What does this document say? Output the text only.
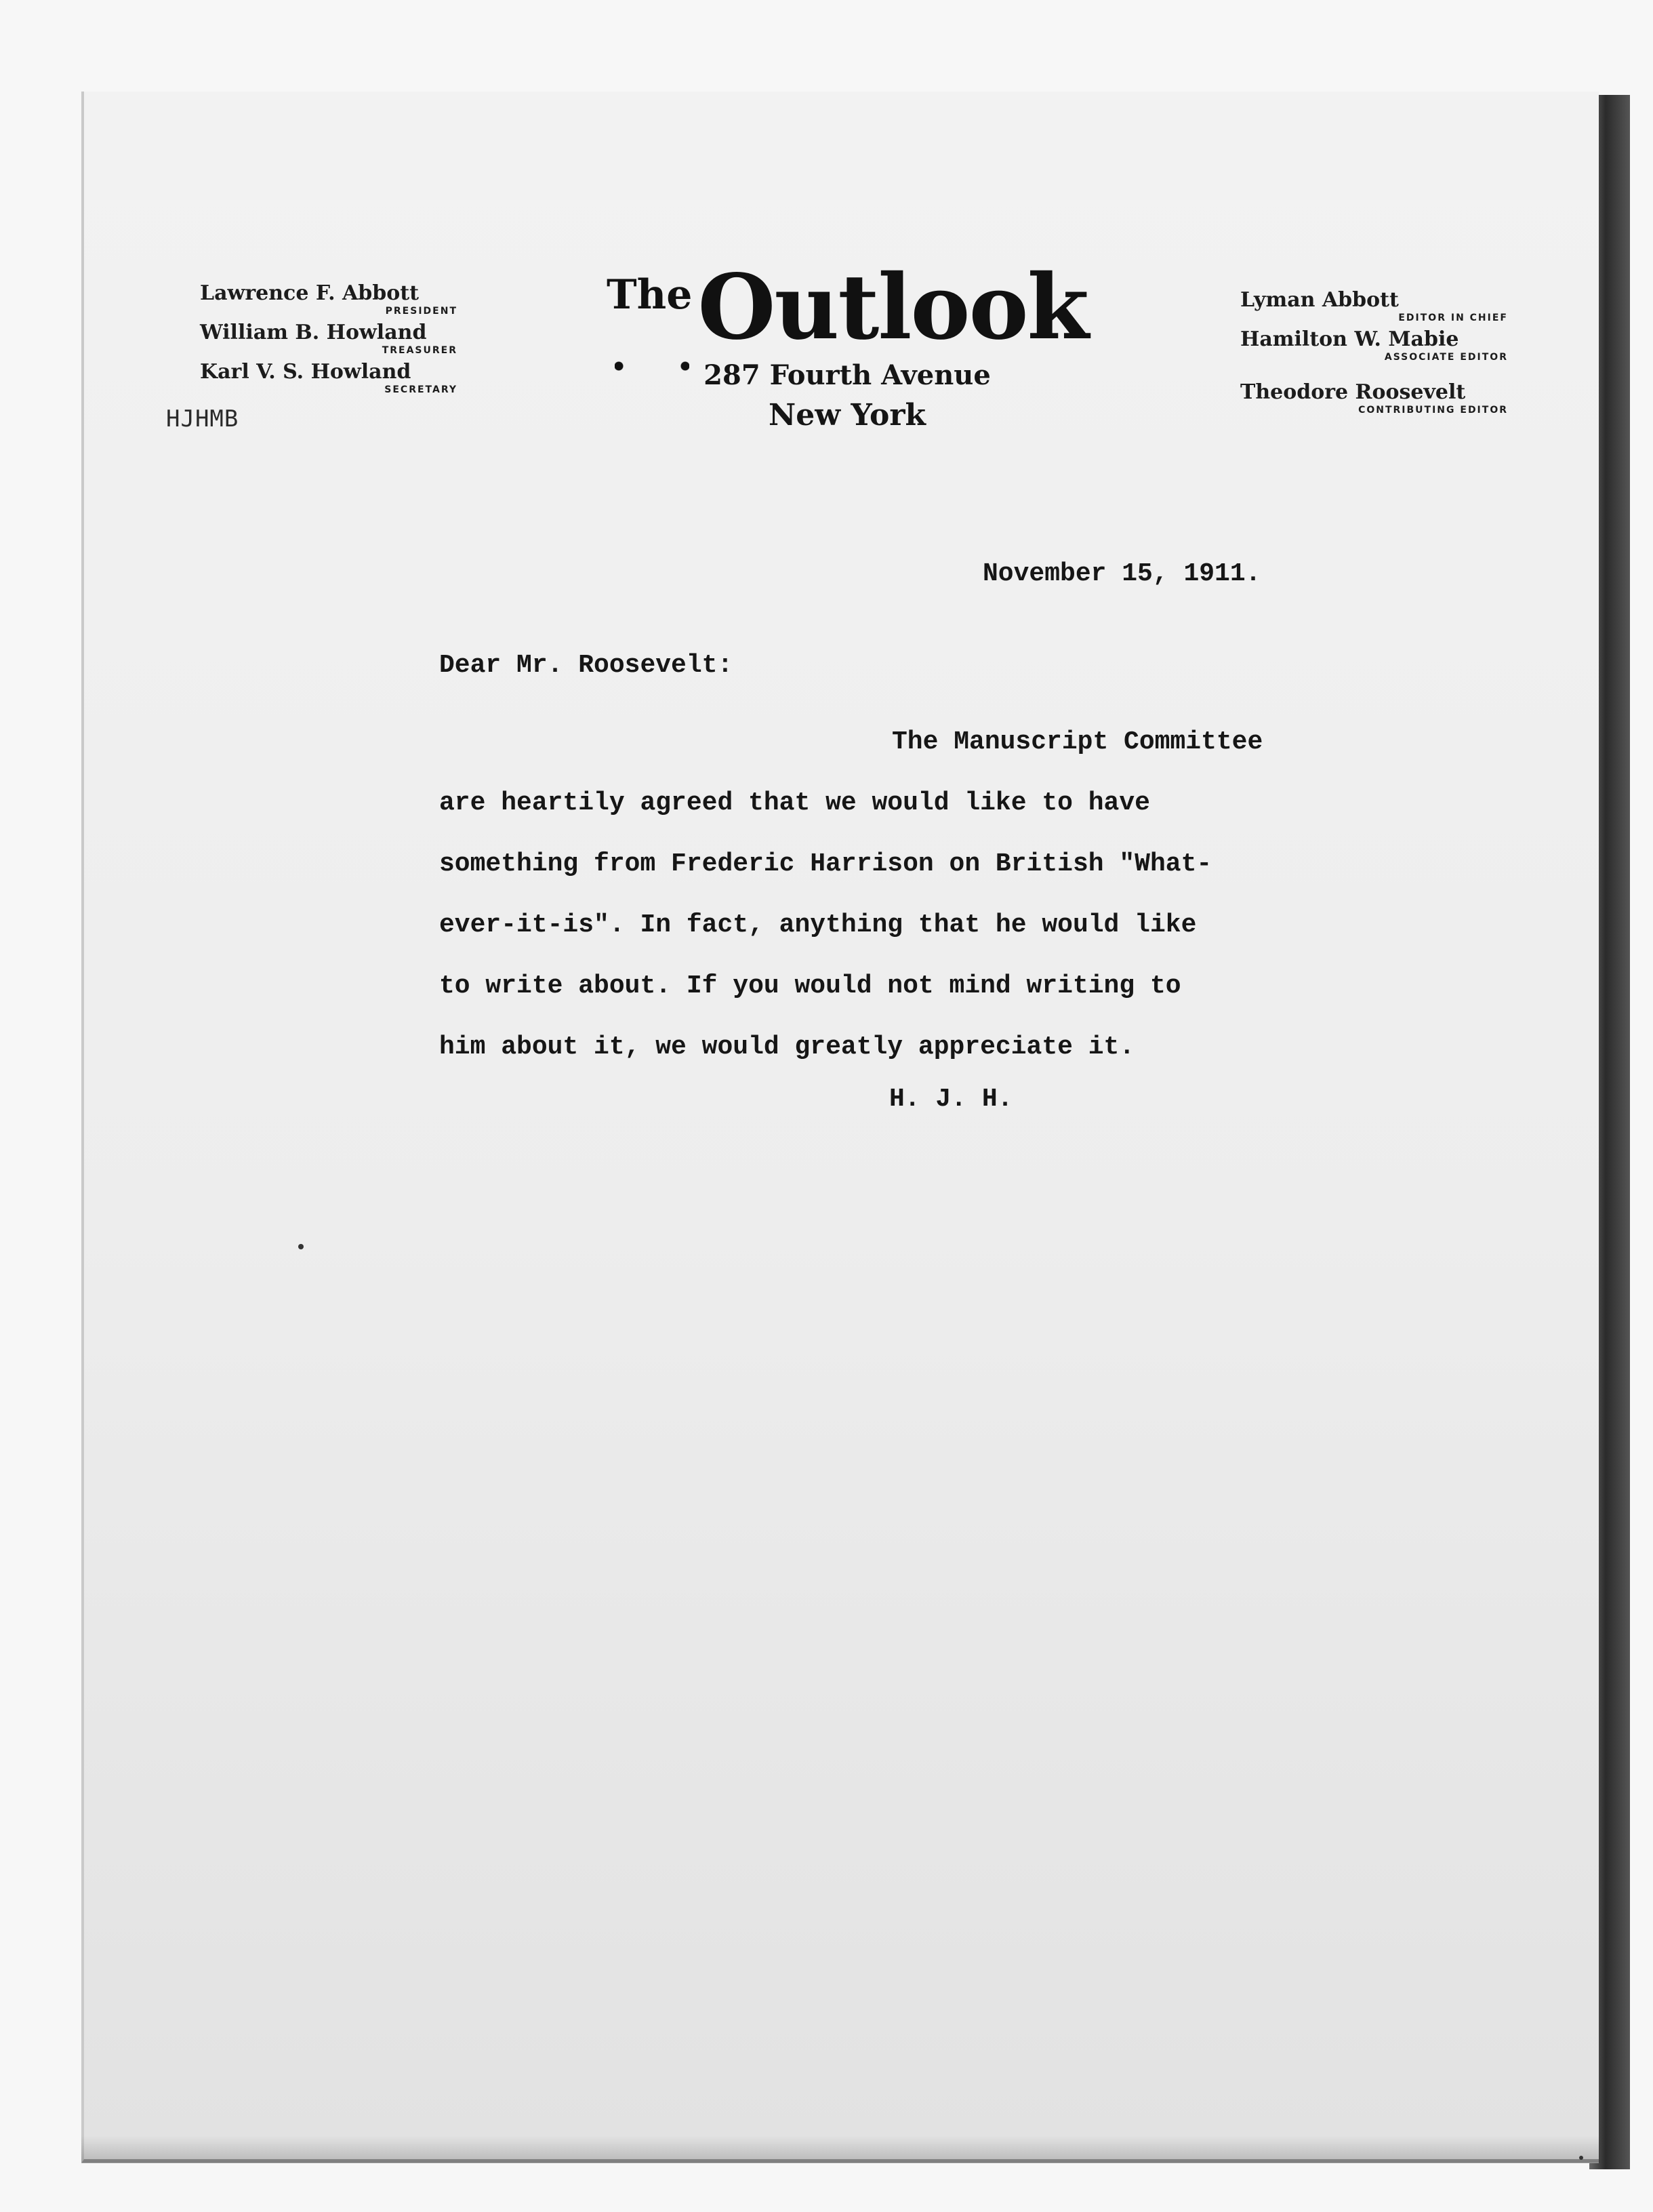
Lawrence F. Abbott
PRESIDENT
William B. Howland
TREASURER
Karl V. S. Howland
SECRETARY
TheOutlook
287 Fourth Avenue
New York
Lyman Abbott
EDITOR IN CHIEF
Hamilton W. Mabie
ASSOCIATE EDITOR
Theodore Roosevelt
CONTRIBUTING EDITOR
HJHMB
November 15, 1911.
Dear Mr. Roosevelt:
The Manuscript Committee
are heartily agreed that we would like to have
something from Frederic Harrison on British "What-
ever-it-is". In fact, anything that he would like
to write about. If you would not mind writing to
him about it, we would greatly appreciate it.
H. J. H.
